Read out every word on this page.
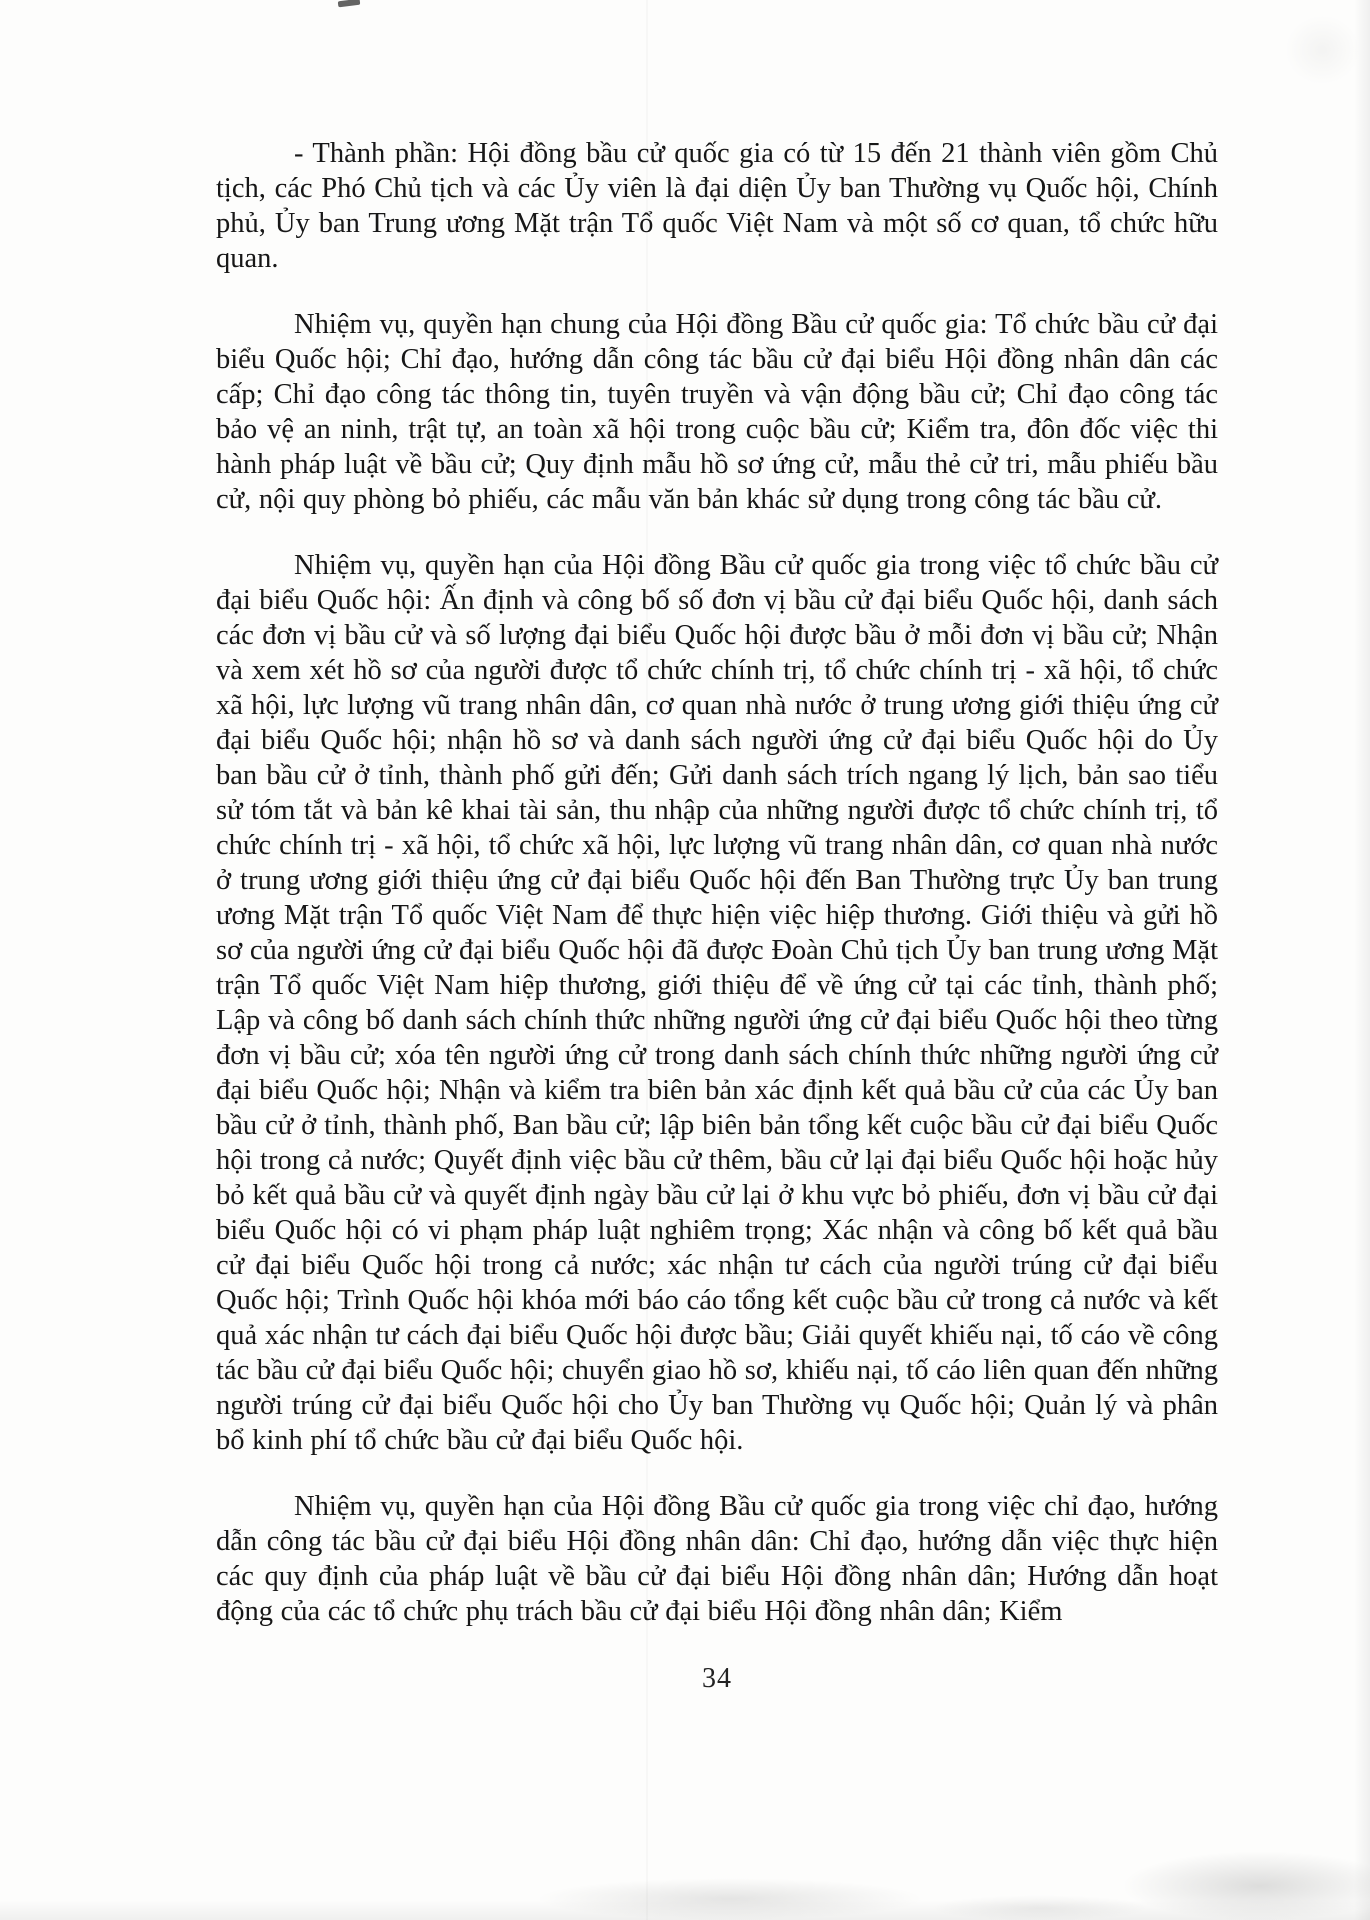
- Thành phần: Hội đồng bầu cử quốc gia có từ 15 đến 21 thành viên gồm Chủ tịch, các Phó Chủ tịch và các Ủy viên là đại diện Ủy ban Thường vụ Quốc hội, Chính phủ, Ủy ban Trung ương Mặt trận Tổ quốc Việt Nam và một số cơ quan, tổ chức hữu quan.

Nhiệm vụ, quyền hạn chung của Hội đồng Bầu cử quốc gia: Tổ chức bầu cử đại biểu Quốc hội; Chỉ đạo, hướng dẫn công tác bầu cử đại biểu Hội đồng nhân dân các cấp; Chỉ đạo công tác thông tin, tuyên truyền và vận động bầu cử; Chỉ đạo công tác bảo vệ an ninh, trật tự, an toàn xã hội trong cuộc bầu cử; Kiểm tra, đôn đốc việc thi hành pháp luật về bầu cử; Quy định mẫu hồ sơ ứng cử, mẫu thẻ cử tri, mẫu phiếu bầu cử, nội quy phòng bỏ phiếu, các mẫu văn bản khác sử dụng trong công tác bầu cử.

Nhiệm vụ, quyền hạn của Hội đồng Bầu cử quốc gia trong việc tổ chức bầu cử đại biểu Quốc hội: Ấn định và công bố số đơn vị bầu cử đại biểu Quốc hội, danh sách các đơn vị bầu cử và số lượng đại biểu Quốc hội được bầu ở mỗi đơn vị bầu cử; Nhận và xem xét hồ sơ của người được tổ chức chính trị, tổ chức chính trị - xã hội, tổ chức xã hội, lực lượng vũ trang nhân dân, cơ quan nhà nước ở trung ương giới thiệu ứng cử đại biểu Quốc hội; nhận hồ sơ và danh sách người ứng cử đại biểu Quốc hội do Ủy ban bầu cử ở tỉnh, thành phố gửi đến; Gửi danh sách trích ngang lý lịch, bản sao tiểu sử tóm tắt và bản kê khai tài sản, thu nhập của những người được tổ chức chính trị, tổ chức chính trị - xã hội, tổ chức xã hội, lực lượng vũ trang nhân dân, cơ quan nhà nước ở trung ương giới thiệu ứng cử đại biểu Quốc hội đến Ban Thường trực Ủy ban trung ương Mặt trận Tổ quốc Việt Nam để thực hiện việc hiệp thương. Giới thiệu và gửi hồ sơ của người ứng cử đại biểu Quốc hội đã được Đoàn Chủ tịch Ủy ban trung ương Mặt trận Tổ quốc Việt Nam hiệp thương, giới thiệu để về ứng cử tại các tỉnh, thành phố; Lập và công bố danh sách chính thức những người ứng cử đại biểu Quốc hội theo từng đơn vị bầu cử; xóa tên người ứng cử trong danh sách chính thức những người ứng cử đại biểu Quốc hội; Nhận và kiểm tra biên bản xác định kết quả bầu cử của các Ủy ban bầu cử ở tỉnh, thành phố, Ban bầu cử; lập biên bản tổng kết cuộc bầu cử đại biểu Quốc hội trong cả nước; Quyết định việc bầu cử thêm, bầu cử lại đại biểu Quốc hội hoặc hủy bỏ kết quả bầu cử và quyết định ngày bầu cử lại ở khu vực bỏ phiếu, đơn vị bầu cử đại biểu Quốc hội có vi phạm pháp luật nghiêm trọng; Xác nhận và công bố kết quả bầu cử đại biểu Quốc hội trong cả nước; xác nhận tư cách của người trúng cử đại biểu Quốc hội; Trình Quốc hội khóa mới báo cáo tổng kết cuộc bầu cử trong cả nước và kết quả xác nhận tư cách đại biểu Quốc hội được bầu; Giải quyết khiếu nại, tố cáo về công tác bầu cử đại biểu Quốc hội; chuyển giao hồ sơ, khiếu nại, tố cáo liên quan đến những người trúng cử đại biểu Quốc hội cho Ủy ban Thường vụ Quốc hội; Quản lý và phân bổ kinh phí tổ chức bầu cử đại biểu Quốc hội.

Nhiệm vụ, quyền hạn của Hội đồng Bầu cử quốc gia trong việc chỉ đạo, hướng dẫn công tác bầu cử đại biểu Hội đồng nhân dân: Chỉ đạo, hướng dẫn việc thực hiện các quy định của pháp luật về bầu cử đại biểu Hội đồng nhân dân; Hướng dẫn hoạt động của các tổ chức phụ trách bầu cử đại biểu Hội đồng nhân dân; Kiểm

34
